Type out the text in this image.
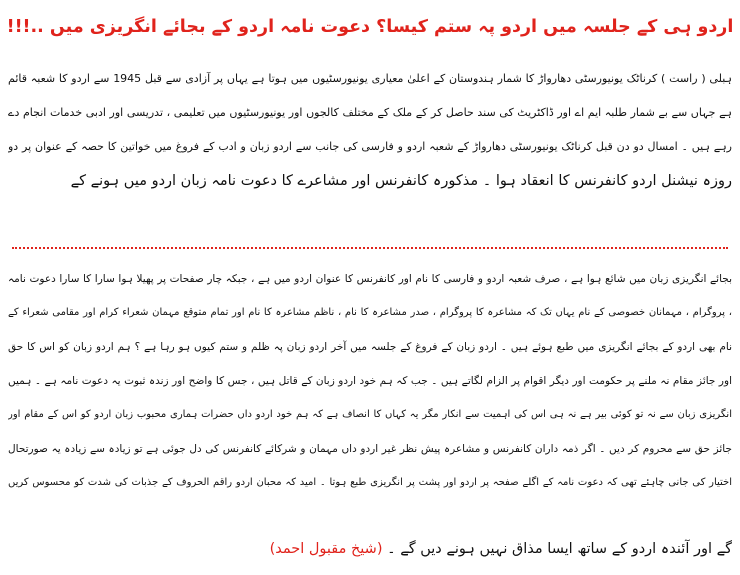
اردو ہی کے جلسہ میں اردو پہ ستم کیسا؟ دعوت نامہ اردو کے بجائے انگریزی میں ..!!!
ہبلی ( راست ) کرناٹک یونیورسٹی دھارواڑ کا شمار ہندوستان کے اعلیٰ معیاری یونیورسٹیوں میں ہوتا ہے یہاں پر آزادی سے قبل 1945 سے اردو کا شعبہ قائم
ہے جہاں سے بے شمار طلبہ ایم اے اور ڈاکٹریٹ کی سند حاصل کر کے ملک کے مختلف کالجوں اور یونیورسٹیوں میں تعلیمی ، تدریسی اور ادبی خدمات انجام دے
رہے ہیں ۔ امسال دو دن قبل کرناٹک یونیورسٹی دھارواڑ کے شعبہ اردو و فارسی کی جانب سے اردو زبان و ادب کے فروغ میں خواتین کا حصہ کے عنوان پر دو
روزہ نیشنل اردو کانفرنس کا انعقاد ہوا ۔ مذکورہ کانفرنس اور مشاعرے کا دعوت نامہ زبان اردو میں ہونے کے
بجائے انگریزی زبان میں شائع ہوا ہے ، صرف شعبہ اردو و فارسی کا نام اور کانفرنس کا عنوان اردو میں ہے ، جبکہ چار صفحات پر پھیلا ہوا سارا کا سارا دعوت نامہ
، پروگرام ، مہمانان خصوصی کے نام یہاں تک کہ مشاعرہ کا پروگرام ، صدر مشاعرہ کا نام ، ناظم مشاعرہ کا نام اور تمام متوقع مہمان شعراء کرام اور مقامی شعراء کے
نام بھی اردو کے بجائے انگریزی میں طبع ہوئے ہیں ۔ اردو زبان کے فروغ کے جلسہ میں آخر اردو زبان پہ ظلم و ستم کیوں ہو رہا ہے ؟ ہم اردو زبان کو اس کا حق
اور جائز مقام نہ ملنے پر حکومت اور دیگر اقوام پر الزام لگاتے ہیں ۔ جب کہ ہم خود اردو زبان کے قاتل ہیں ، جس کا واضح اور زندہ ثبوت یہ دعوت نامہ ہے ۔ ہمیں
انگریزی زبان سے نہ تو کوئی بیر ہے نہ ہی اس کی اہمیت سے انکار مگر یہ کہاں کا انصاف ہے کہ ہم خود اردو داں حضرات ہماری محبوب زبان اردو کو اس کے مقام اور
جائز حق سے محروم کر دیں ۔ اگر ذمہ داران کانفرنس و مشاعرہ پیش نظر غیر اردو داں مہمان و شرکائے کانفرنس کی دل جوئی ہے تو زیادہ سے زیادہ یہ صورتحال
اختیار کی جانی چاہئے تھی کہ دعوت نامہ کے اگلے صفحہ پر اردو اور پشت پر انگریزی طبع ہوتا ۔ امید کہ محبان اردو راقم الحروف کے جذبات کی شدت کو محسوس کریں
گے اور آئندہ اردو کے ساتھ ایسا مذاق نہیں ہونے دیں گے ۔ (شیخ مقبول احمد)
